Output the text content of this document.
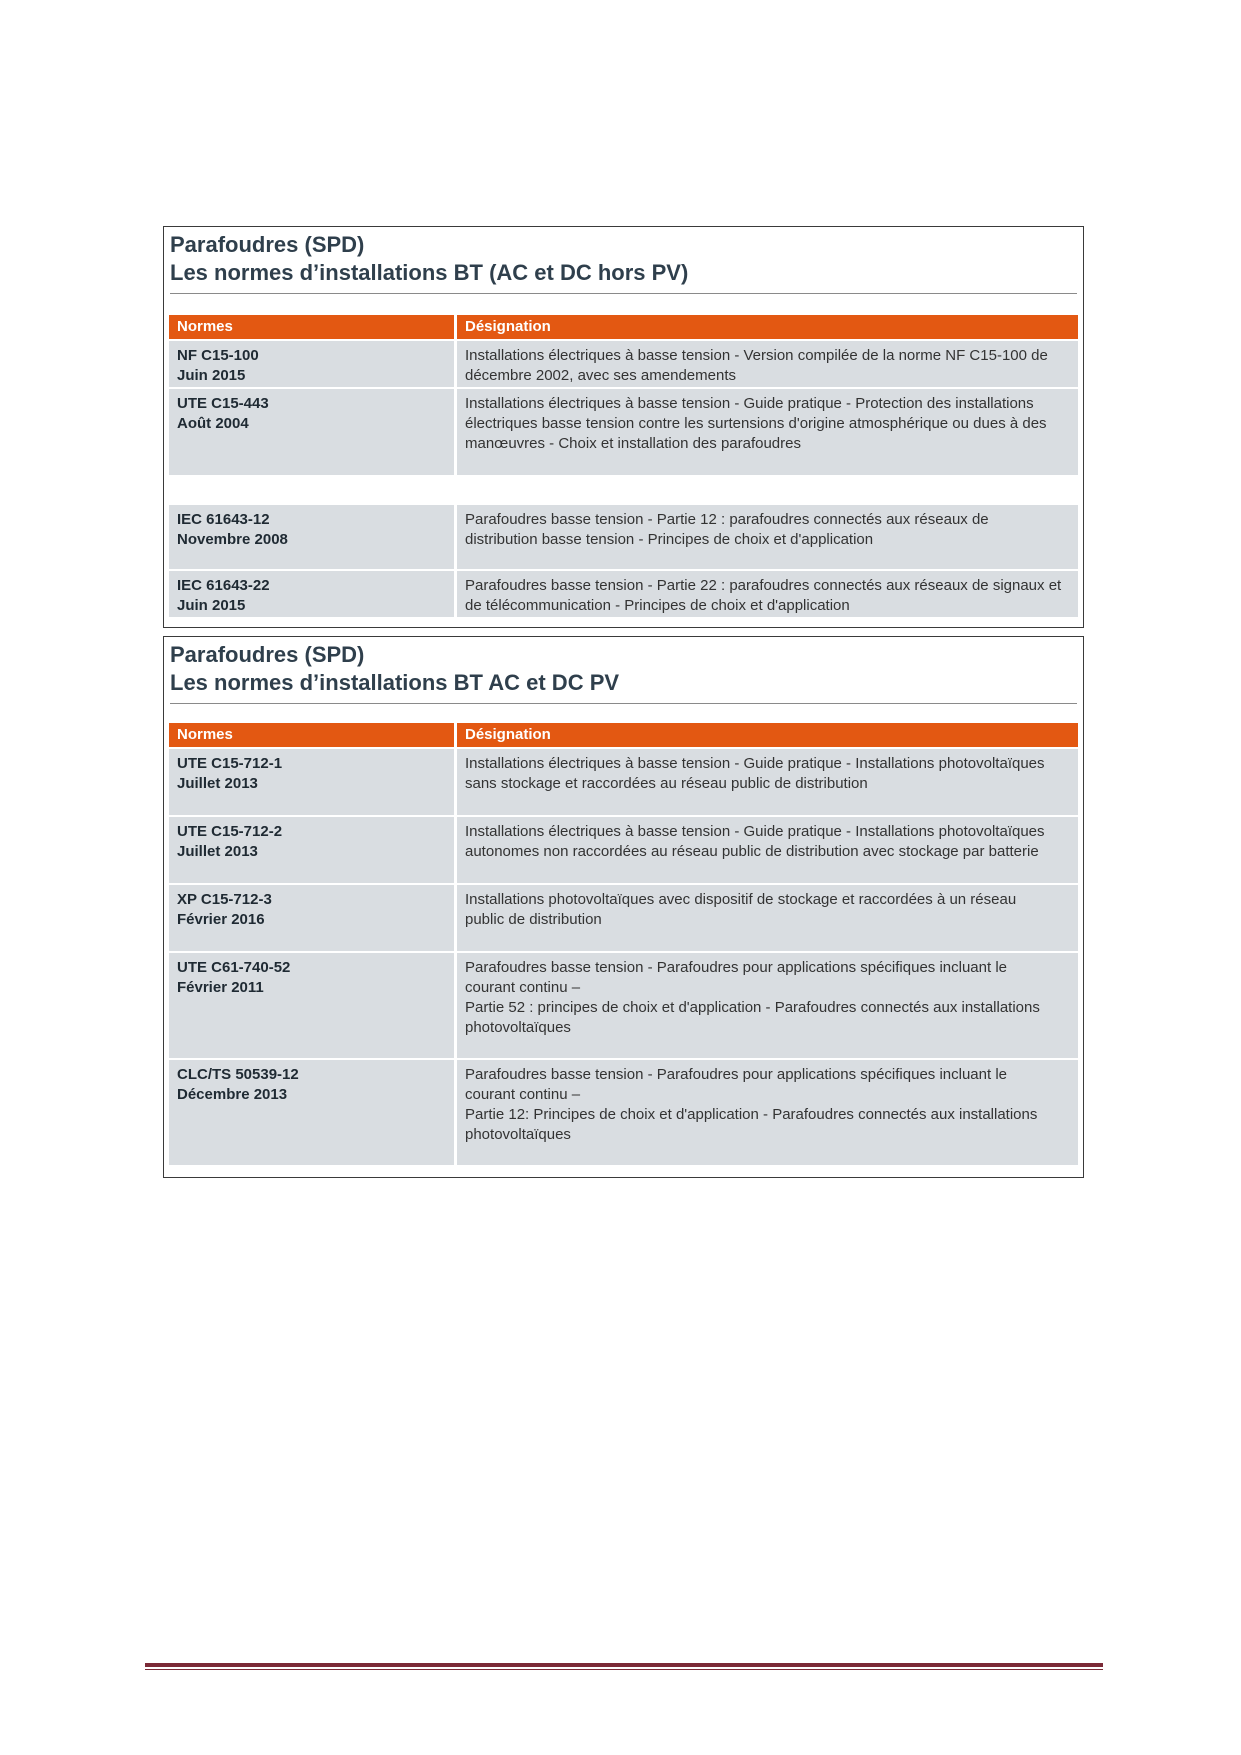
Parafoudres (SPD)
Les normes d’installations BT (AC et DC hors PV)
Normes	Désignation
NF C15-100
Juin 2015
Installations électriques à basse tension - Version compilée de la norme NF C15-100 de
décembre 2002, avec ses amendements
UTE C15-443
Août 2004
Installations électriques à basse tension - Guide pratique - Protection des installations
électriques basse tension contre les surtensions d'origine atmosphérique ou dues à des
manœuvres - Choix et installation des parafoudres
IEC 61643-12
Novembre 2008
Parafoudres basse tension - Partie 12 : parafoudres connectés aux réseaux de
distribution basse tension - Principes de choix et d'application
IEC 61643-22
Juin 2015
Parafoudres basse tension - Partie 22 : parafoudres connectés aux réseaux de signaux et
de télécommunication - Principes de choix et d'application
Parafoudres (SPD)
Les normes d’installations BT AC et DC PV
Normes	Désignation
UTE C15-712-1
Juillet 2013
Installations électriques à basse tension - Guide pratique - Installations photovoltaïques
sans stockage et raccordées au réseau public de distribution
UTE C15-712-2
Juillet 2013
Installations électriques à basse tension - Guide pratique - Installations photovoltaïques
autonomes non raccordées au réseau public de distribution avec stockage par batterie
XP C15-712-3
Février 2016
Installations photovoltaïques avec dispositif de stockage et raccordées à un réseau
public de distribution
UTE C61-740-52
Février 2011
Parafoudres basse tension - Parafoudres pour applications spécifiques incluant le
courant continu –
Partie 52 : principes de choix et d'application - Parafoudres connectés aux installations
photovoltaïques
CLC/TS 50539-12
Décembre 2013
Parafoudres basse tension - Parafoudres pour applications spécifiques incluant le
courant continu –
Partie 12: Principes de choix et d'application - Parafoudres connectés aux installations
photovoltaïques
